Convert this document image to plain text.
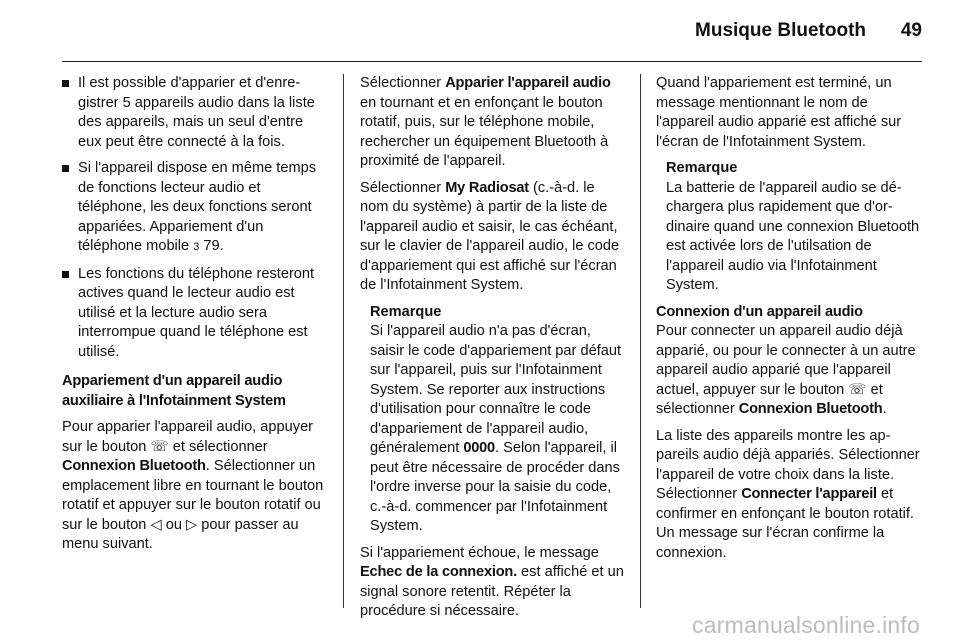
Musique Bluetooth 49
Il est possible d'apparier et d'enregistrer 5 appareils audio dans la liste des appareils, mais un seul d'entre eux peut être connecté à la fois.
Si l'appareil dispose en même temps de fonctions lecteur audio et téléphone, les deux fonctions seront appariées. Appariement d'un téléphone mobile 3 79.
Les fonctions du téléphone resteront actives quand le lecteur audio est utilisé et la lecture audio sera interrompue quand le téléphone est utilisé.

Appariement d'un appareil audio auxiliaire à l'Infotainment System

Pour apparier l'appareil audio, appuyer sur le bouton ☏ et sélectionner Connexion Bluetooth. Sélectionner un emplacement libre en tournant le bouton rotatif et appuyer sur le bouton rotatif ou sur le bouton ◁ ou ▷ pour passer au menu suivant.

Sélectionner Apparier l'appareil audio en tournant et en enfonçant le bouton rotatif, puis, sur le téléphone mobile, rechercher un équipement Bluetooth à proximité de l'appareil.

Sélectionner My Radiosat (c.-à-d. le nom du système) à partir de la liste de l'appareil audio et saisir, le cas échéant, sur le clavier de l'appareil audio, le code d'appariement qui est affiché sur l'écran de l'Infotainment System.

Remarque
Si l'appareil audio n'a pas d'écran, saisir le code d'appariement par défaut sur l'appareil, puis sur l'Infotainment System. Se reporter aux instructions d'utilisation pour connaître le code d'appariement de l'appareil audio, généralement 0000. Selon l'appareil, il peut être nécessaire de procéder dans l'ordre inverse pour la saisie du code, c.-à-d. commencer par l'Infotainment System.

Si l'appariement échoue, le message Echec de la connexion. est affiché et un signal sonore retentit. Répéter la procédure si nécessaire.

Quand l'appariement est terminé, un message mentionnant le nom de l'appareil audio apparié est affiché sur l'écran de l'Infotainment System.

Remarque
La batterie de l'appareil audio se déchargera plus rapidement que d'ordinaire quand une connexion Bluetooth est activée lors de l'utilsation de l'appareil audio via l'Infotainment System.

Connexion d'un appareil audio

Pour connecter un appareil audio déjà apparié, ou pour le connecter à un autre appareil audio apparié que l'appareil actuel, appuyer sur le bouton ☏ et sélectionner Connexion Bluetooth.

La liste des appareils montre les appareils audio déjà appariés. Sélectionner l'appareil de votre choix dans la liste. Sélectionner Connecter l'appareil et confirmer en enfonçant le bouton rotatif. Un message sur l'écran confirme la connexion.

carmanualsonline.info
